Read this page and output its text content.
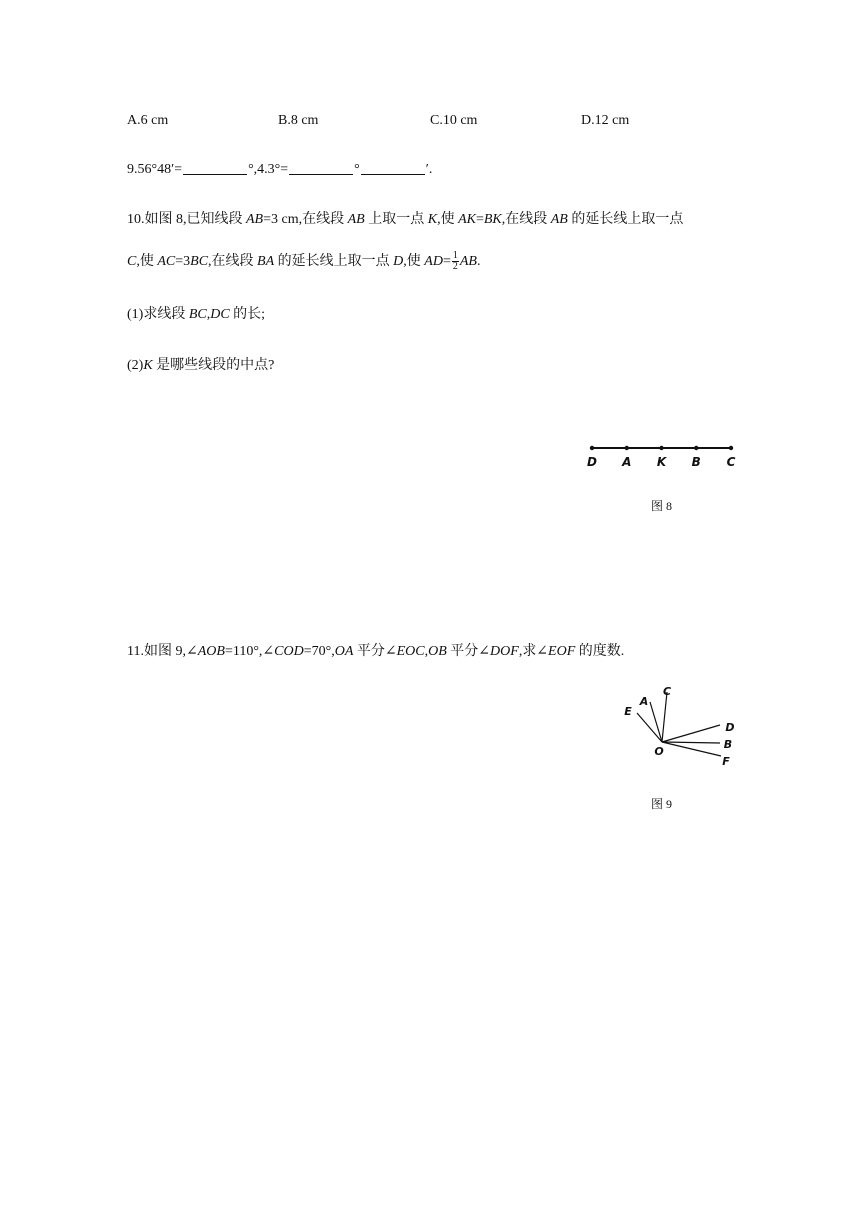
A.6 cm	B.8 cm	C.10 cm	D.12 cm
9.56°48′=	°,4.3°=	°	′.
10.如图 8,已知线段 AB=3 cm,在线段 AB 上取一点 K,使 AK=BK,在线段 AB 的延长线上取一点
C,使 AC=3BC,在线段 BA 的延长线上取一点 D,使 $AD= \frac{1}{2}$ AB.
(1)求线段 BC,DC 的长;
(2)K 是哪些线段的中点?
D A K B C
图 8
11.如图 9,∠AOB=110°,∠COD=70°,OA 平分∠EOC,OB 平分∠DOF,求∠EOF 的度数.
E
A
C
D
B
F
O
图 9
